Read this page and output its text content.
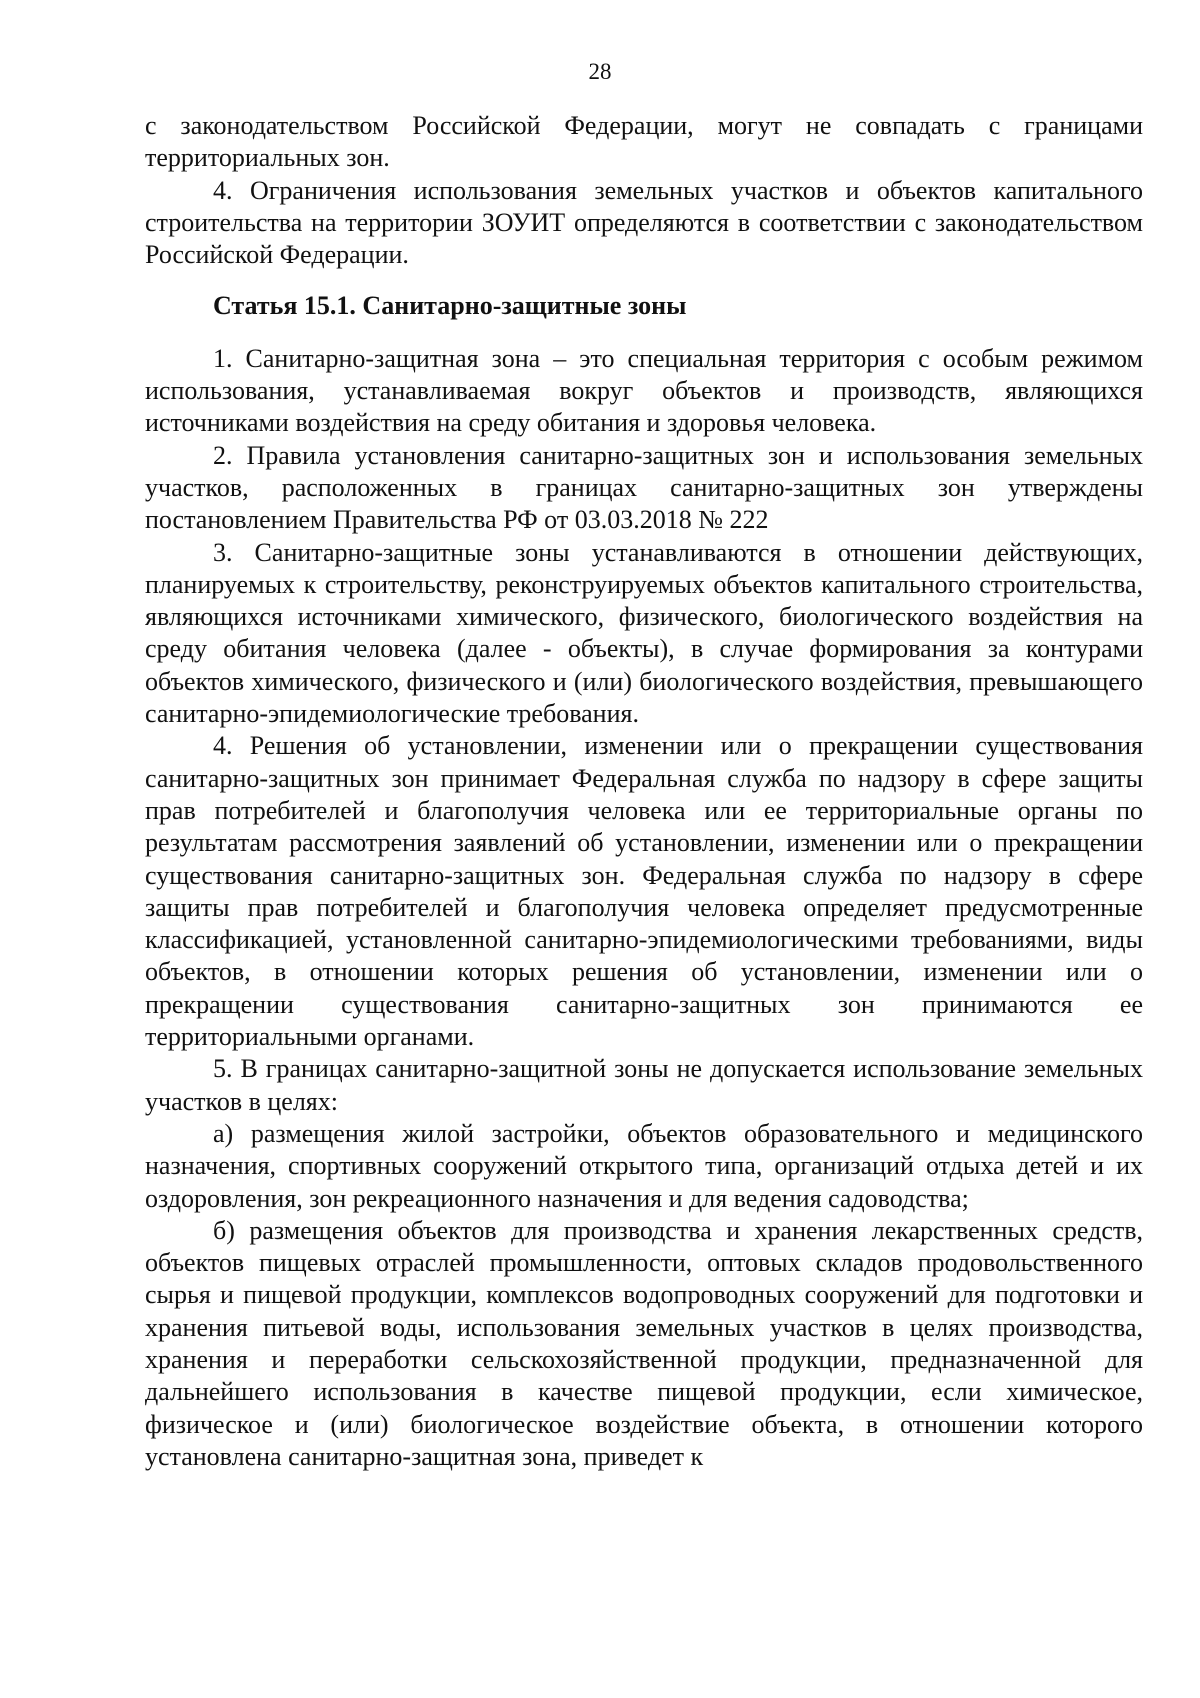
28

с законодательством Российской Федерации, могут не совпадать с границами территориальных зон.

4. Ограничения использования земельных участков и объектов капитального строительства на территории ЗОУИТ определяются в соответствии с законодательством Российской Федерации.

Статья 15.1. Санитарно-защитные зоны

1. Санитарно-защитная зона – это специальная территория с особым режимом использования, устанавливаемая вокруг объектов и производств, являющихся источниками воздействия на среду обитания и здоровья человека.

2. Правила установления санитарно-защитных зон и использования земельных участков, расположенных в границах санитарно-защитных зон утверждены постановлением Правительства РФ от 03.03.2018 № 222

3. Санитарно-защитные зоны устанавливаются в отношении действующих, планируемых к строительству, реконструируемых объектов капитального строительства, являющихся источниками химического, физического, биологического воздействия на среду обитания человека (далее - объекты), в случае формирования за контурами объектов химического, физического и (или) биологического воздействия, превышающего санитарно-эпидемиологические требования.

4. Решения об установлении, изменении или о прекращении существования санитарно-защитных зон принимает Федеральная служба по надзору в сфере защиты прав потребителей и благополучия человека или ее территориальные органы по результатам рассмотрения заявлений об установлении, изменении или о прекращении существования санитарно-защитных зон. Федеральная служба по надзору в сфере защиты прав потребителей и благополучия человека определяет предусмотренные классификацией, установленной санитарно-эпидемиологическими требованиями, виды объектов, в отношении которых решения об установлении, изменении или о прекращении существования санитарно-защитных зон принимаются ее территориальными органами.

5. В границах санитарно-защитной зоны не допускается использование земельных участков в целях:

а) размещения жилой застройки, объектов образовательного и медицинского назначения, спортивных сооружений открытого типа, организаций отдыха детей и их оздоровления, зон рекреационного назначения и для ведения садоводства;

б) размещения объектов для производства и хранения лекарственных средств, объектов пищевых отраслей промышленности, оптовых складов продовольственного сырья и пищевой продукции, комплексов водопроводных сооружений для подготовки и хранения питьевой воды, использования земельных участков в целях производства, хранения и переработки сельскохозяйственной продукции, предназначенной для дальнейшего использования в качестве пищевой продукции, если химическое, физическое и (или) биологическое воздействие объекта, в отношении которого установлена санитарно-защитная зона, приведет к
